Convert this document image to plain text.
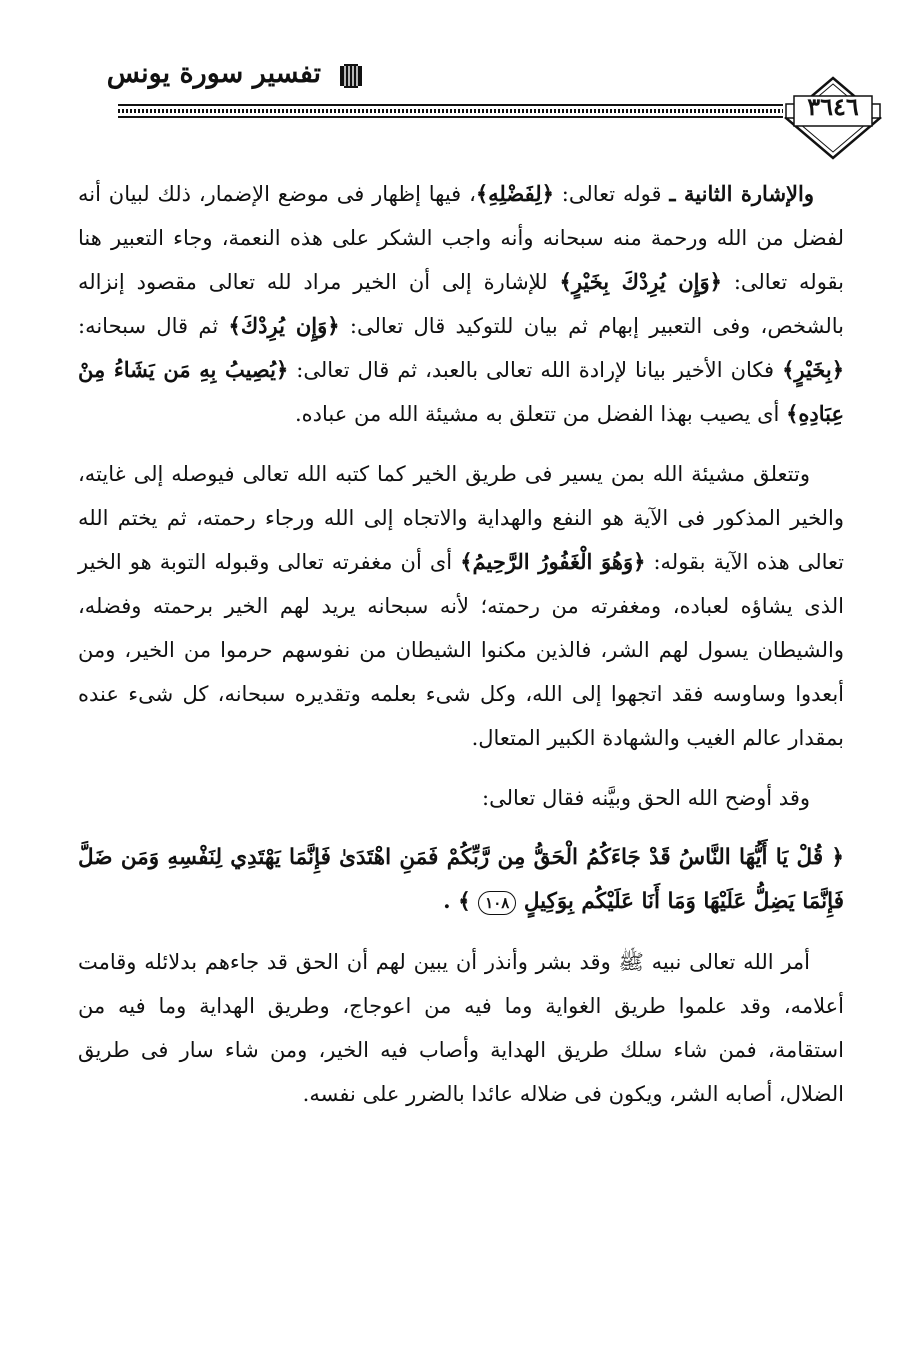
تفسير سورة يونس
٣٦٤٦

والإشارة الثانية ـ قوله تعالى: ﴿لِفَضْلِهِ﴾، فيها إظهار فى موضع الإضمار، ذلك لبيان أنه لفضل من الله ورحمة منه سبحانه وأنه واجب الشكر على هذه النعمة، وجاء التعبير هنا بقوله تعالى: ﴿وَإِن يُرِدْكَ بِخَيْرٍ﴾ للإشارة إلى أن الخير مراد لله تعالى مقصود إنزاله بالشخص، وفى التعبير إبهام ثم بيان للتوكيد قال تعالى: ﴿وَإِن يُرِدْكَ﴾ ثم قال سبحانه: ﴿بِخَيْرٍ﴾ فكان الأخير بيانا لإرادة الله تعالى بالعبد، ثم قال تعالى: ﴿يُصِيبُ بِهِ مَن يَشَاءُ مِنْ عِبَادِهِ﴾ أى يصيب بهذا الفضل من تتعلق به مشيئة الله من عباده.

وتتعلق مشيئة الله بمن يسير فى طريق الخير كما كتبه الله تعالى فيوصله إلى غايته، والخير المذكور فى الآية هو النفع والهداية والاتجاه إلى الله ورجاء رحمته، ثم يختم الله تعالى هذه الآية بقوله: ﴿وَهُوَ الْغَفُورُ الرَّحِيمُ﴾ أى أن مغفرته تعالى وقبوله التوبة هو الخير الذى يشاؤه لعباده، ومغفرته من رحمته؛ لأنه سبحانه يريد لهم الخير برحمته وفضله، والشيطان يسول لهم الشر، فالذين مكنوا الشيطان من نفوسهم حرموا من الخير، ومن أبعدوا وساوسه فقد اتجهوا إلى الله، وكل شىء بعلمه وتقديره سبحانه، كل شىء عنده بمقدار عالم الغيب والشهادة الكبير المتعال.

وقد أوضح الله الحق وبيَّنه فقال تعالى:

﴿ قُلْ يَا أَيُّهَا النَّاسُ قَدْ جَاءَكُمُ الْحَقُّ مِن رَّبِّكُمْ فَمَنِ اهْتَدَىٰ فَإِنَّمَا يَهْتَدِي لِنَفْسِهِ وَمَن ضَلَّ فَإِنَّمَا يَضِلُّ عَلَيْهَا وَمَا أَنَا عَلَيْكُم بِوَكِيلٍ ١٠٨ ﴾ .

أمر الله تعالى نبيه ﷺ وقد بشر وأنذر أن يبين لهم أن الحق قد جاءهم بدلائله وقامت أعلامه، وقد علموا طريق الغواية وما فيه من اعوجاج، وطريق الهداية وما فيه من استقامة، فمن شاء سلك طريق الهداية وأصاب فيه الخير، ومن شاء سار فى طريق الضلال، أصابه الشر، ويكون فى ضلاله عائدا بالضرر على نفسه.
